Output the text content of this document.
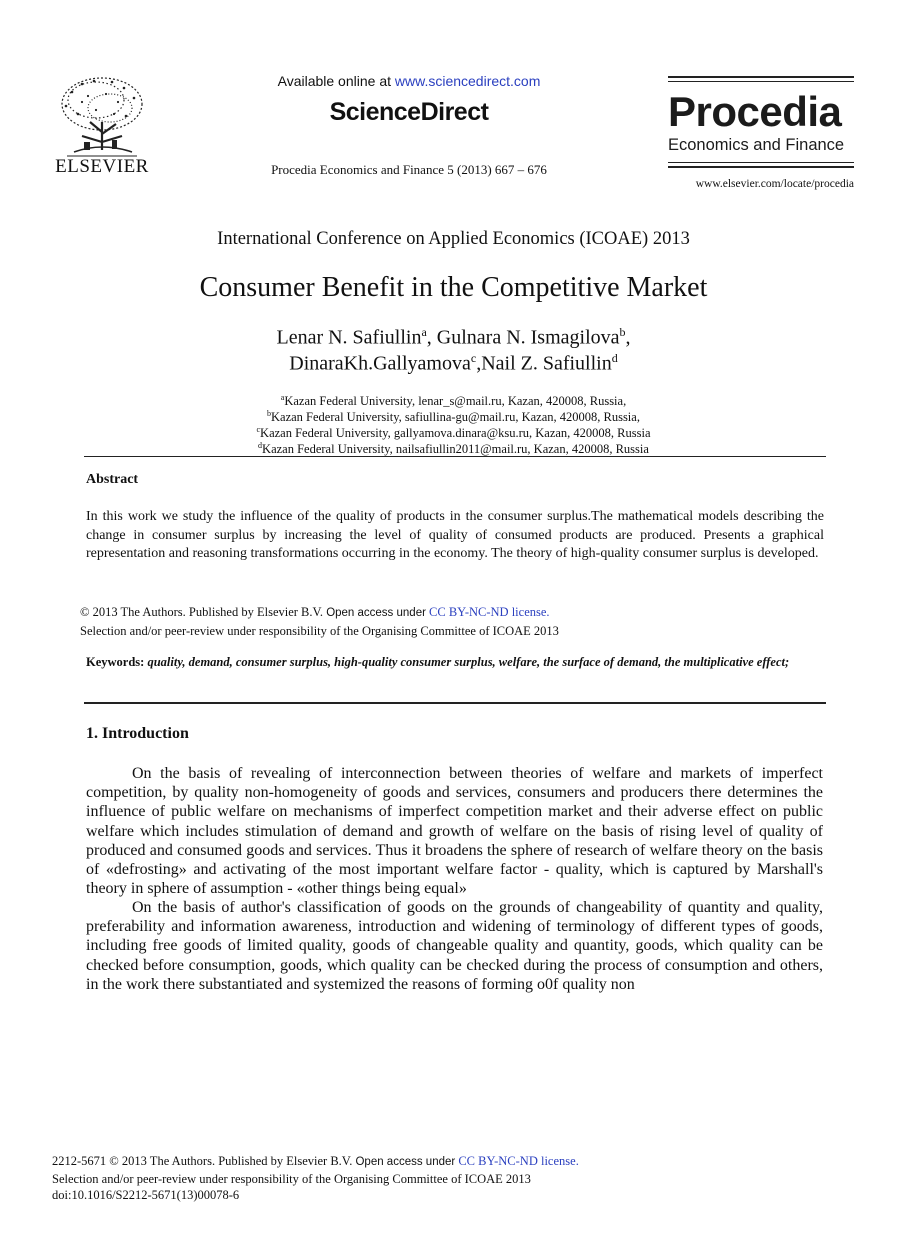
ELSEVIER
Available online at www.sciencedirect.com
ScienceDirect
Procedia Economics and Finance 5 (2013) 667 – 676
Procedia
Economics and Finance
www.elsevier.com/locate/procedia
International Conference on Applied Economics (ICOAE) 2013
Consumer Benefit in the Competitive Market
Lenar N. Safiullin$^a$, Gulnara N. Ismagilova$^b$,
DinaraKh.Gallyamova$^c$,Nail Z. Safiullin$^d$
$^a$Kazan Federal University, lenar_s@mail.ru, Kazan, 420008, Russia,
$^b$Kazan Federal University, safiullina-gu@mail.ru, Kazan, 420008, Russia,
$^c$Kazan Federal University, gallyamova.dinara@ksu.ru, Kazan, 420008, Russia
$^d$Kazan Federal University, nailsafiullin2011@mail.ru, Kazan, 420008, Russia
Abstract
In this work we study the influence of the quality of products in the consumer surplus.The mathematical models describing the change in consumer surplus by increasing the level of quality of consumed products are produced. Presents a graphical representation and reasoning transformations occurring in the economy. The theory of high-quality consumer surplus is developed.
© 2013 The Authors. Published by Elsevier B.V. Open access under CC BY-NC-ND license.
Selection and/or peer-review under responsibility of the Organising Committee of ICOAE 2013
Keywords: quality, demand, consumer surplus, high-quality consumer surplus, welfare, the surface of demand, the multiplicative effect;
1. Introduction
On the basis of revealing of interconnection between theories of welfare and markets of imperfect competition, by quality non-homogeneity of goods and services, consumers and producers there determines the influence of public welfare on mechanisms of imperfect competition market and their adverse effect on public welfare which includes stimulation of demand and growth of welfare on the basis of rising level of quality of produced and consumed goods and services. Thus it broadens the sphere of research of welfare theory on the basis of «defrosting» and activating of the most important welfare factor - quality, which is captured by Marshall's theory in sphere of assumption - «other things being equal»
On the basis of author's classification of goods on the grounds of changeability of quantity and quality, preferability and information awareness, introduction and widening of terminology of different types of goods, including free goods of limited quality, goods of changeable quality and quantity, goods, which quality can be checked before consumption, goods, which quality can be checked during the process of consumption and others, in the work there substantiated and systemized the reasons of forming o0f quality non
2212-5671 © 2013 The Authors. Published by Elsevier B.V. Open access under CC BY-NC-ND license.
Selection and/or peer-review under responsibility of the Organising Committee of ICOAE 2013
doi:10.1016/S2212-5671(13)00078-6
